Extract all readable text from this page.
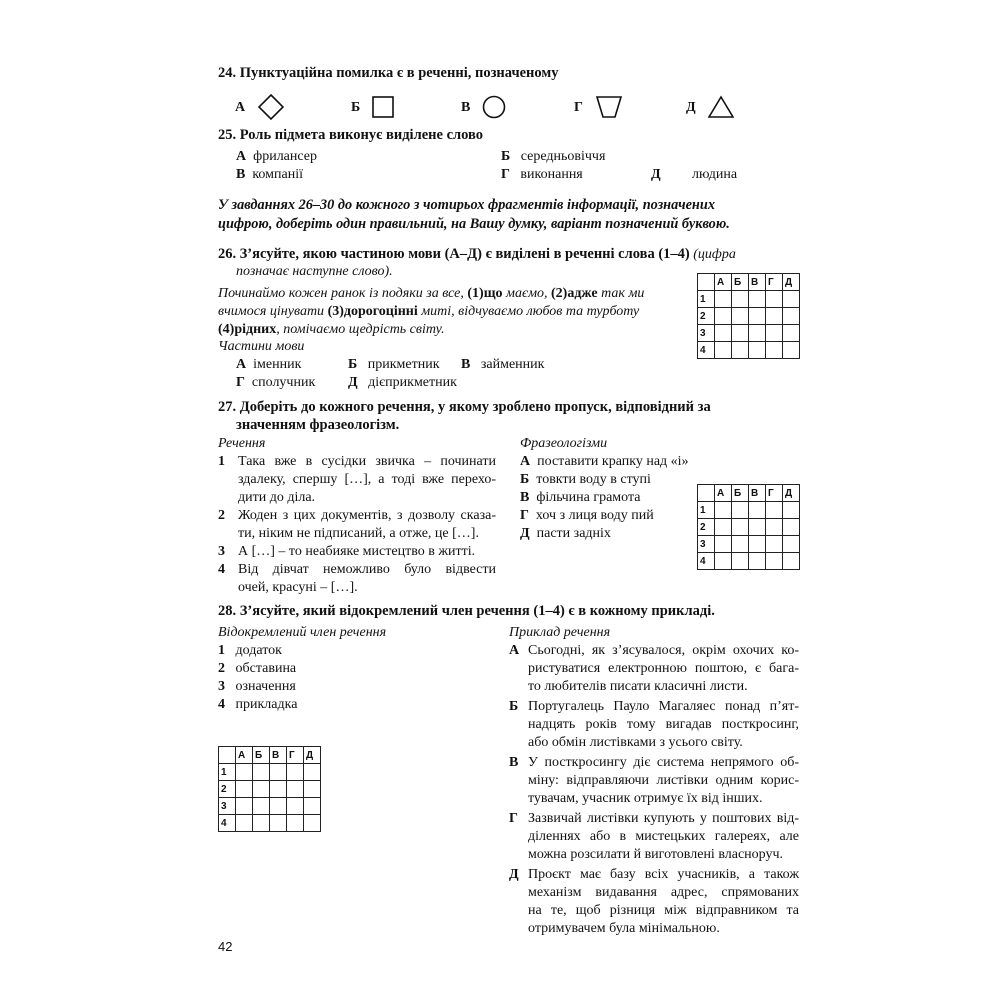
24. Пунктуаційна помилка є в реченні, позначеному
А	Б	В	Г	Д
25. Роль підмета виконує виділене слово
А фрилансер	Б середньовіччя
В компанії	Г виконання	Д людина
У завданнях 26–30 до кожного з чотирьох фрагментів інформації, позначених
цифрою, доберіть один правильний, на Вашу думку, варіант позначений буквою.
26. З’ясуйте, якою частиною мови (А–Д) є виділені в реченні слова (1–4) (цифра
позначає наступне слово).
Починаймо кожен ранок із подяки за все, (1)що маємо, (2)адже так ми
вчимося цінувати (3)дорогоцінні миті, відчуваємо любов та турботу
(4)рідних, помічаємо щедрість світу.
Частини мови
А іменник	Б прикметник В займенник
Г сполучник Д дієприкметник
	А	Б	В	Г	Д
1					
2					
3					
4					
27. Доберіть до кожного речення, у якому зроблено пропуск, відповідний за
значенням фразеологізм.
Речення	Фразеологізми
1 Така вже в сусідки звичка – починати
здалеку, спершу […], а тоді вже перехо-
дити до діла.
2 Жоден з цих документів, з дозволу сказа-
ти, ніким не підписаний, а отже, це […].
3 А […] – то неабияке мистецтво в житті.
4 Від дівчат неможливо було відвести
очей, красуні – […].
А поставити крапку над «і»
Б товкти воду в ступі
В фільчина грамота
Г хоч з лиця воду пий
Д пасти задніх
	А	Б	В	Г	Д
1					
2					
3					
4					
28. З’ясуйте, який відокремлений член речення (1–4) є в кожному прикладі.
Відокремлений член речення	Приклад речення
1 додаток
2 обставина
3 означення
4 прикладка
	А	Б	В	Г	Д
1					
2					
3					
4					
А Сьогодні, як з’ясувалося, окрім охочих ко-
ристуватися електронною поштою, є бага-
то любителів писати класичні листи.
Б Португалець Пауло Магаляес понад п’ят-
надцять років тому вигадав посткросинг,
або обмін листівками з усього світу.
В У посткросингу діє система непрямого об-
міну: відправляючи листівки одним корис-
тувачам, учасник отримує їх від інших.
Г Зазвичай листівки купують у поштових від-
діленнях або в мистецьких галереях, але
можна розсилати й виготовлені власноруч.
Д Проєкт має базу всіх учасників, а також
механізм видавання адрес, спрямованих
на те, щоб різниця між відправником та
отримувачем була мінімальною.
42
